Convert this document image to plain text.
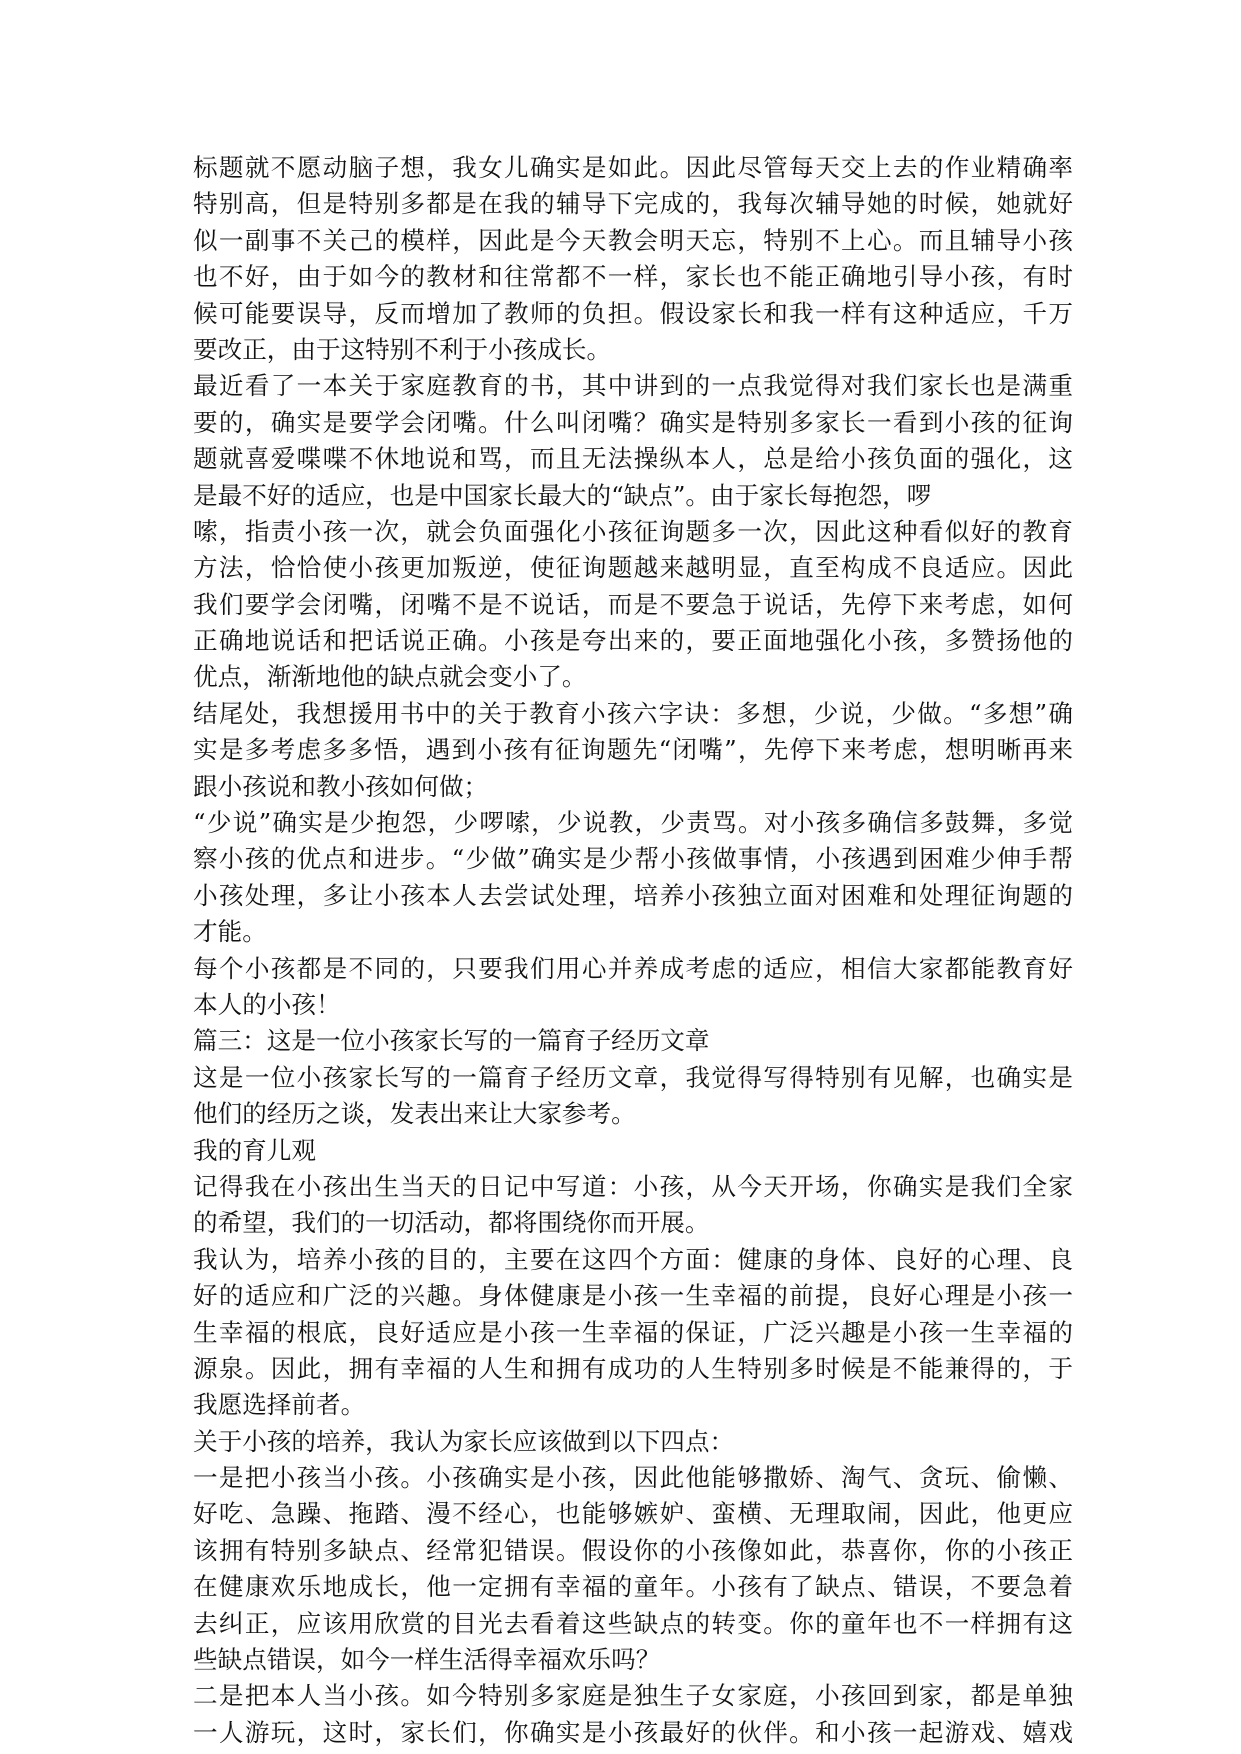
标题就不愿动脑子想，我女儿确实是如此。因此尽管每天交上去的作业精确率
特别高，但是特别多都是在我的辅导下完成的，我每次辅导她的时候，她就好
似一副事不关己的模样，因此是今天教会明天忘，特别不上心。而且辅导小孩
也不好，由于如今的教材和往常都不一样，家长也不能正确地引导小孩，有时
候可能要误导，反而增加了教师的负担。假设家长和我一样有这种适应，千万
要改正，由于这特别不利于小孩成长。
最近看了一本关于家庭教育的书，其中讲到的一点我觉得对我们家长也是满重
要的，确实是要学会闭嘴。什么叫闭嘴？确实是特别多家长一看到小孩的征询
题就喜爱喋喋不休地说和骂，而且无法操纵本人，总是给小孩负面的强化，这
是最不好的适应，也是中国家长最大的“缺点”。由于家长每抱怨，啰
嗦，指责小孩一次，就会负面强化小孩征询题多一次，因此这种看似好的教育
方法，恰恰使小孩更加叛逆，使征询题越来越明显，直至构成不良适应。因此
我们要学会闭嘴，闭嘴不是不说话，而是不要急于说话，先停下来考虑，如何
正确地说话和把话说正确。小孩是夸出来的，要正面地强化小孩，多赞扬他的
优点，渐渐地他的缺点就会变小了。
结尾处，我想援用书中的关于教育小孩六字诀：多想，少说，少做。“多想”确
实是多考虑多多悟，遇到小孩有征询题先“闭嘴”，先停下来考虑，想明晰再来
跟小孩说和教小孩如何做；
“少说”确实是少抱怨，少啰嗦，少说教，少责骂。对小孩多确信多鼓舞，多觉
察小孩的优点和进步。“少做”确实是少帮小孩做事情，小孩遇到困难少伸手帮
小孩处理，多让小孩本人去尝试处理，培养小孩独立面对困难和处理征询题的
才能。
每个小孩都是不同的，只要我们用心并养成考虑的适应，相信大家都能教育好
本人的小孩！
篇三：这是一位小孩家长写的一篇育子经历文章
这是一位小孩家长写的一篇育子经历文章，我觉得写得特别有见解，也确实是
他们的经历之谈，发表出来让大家参考。
我的育儿观
记得我在小孩出生当天的日记中写道：小孩，从今天开场，你确实是我们全家
的希望，我们的一切活动，都将围绕你而开展。
我认为，培养小孩的目的，主要在这四个方面：健康的身体、良好的心理、良
好的适应和广泛的兴趣。身体健康是小孩一生幸福的前提，良好心理是小孩一
生幸福的根底，良好适应是小孩一生幸福的保证，广泛兴趣是小孩一生幸福的
源泉。因此，拥有幸福的人生和拥有成功的人生特别多时候是不能兼得的，于
我愿选择前者。
关于小孩的培养，我认为家长应该做到以下四点：
一是把小孩当小孩。小孩确实是小孩，因此他能够撒娇、淘气、贪玩、偷懒、
好吃、急躁、拖踏、漫不经心，也能够嫉妒、蛮横、无理取闹，因此，他更应
该拥有特别多缺点、经常犯错误。假设你的小孩像如此，恭喜你，你的小孩正
在健康欢乐地成长，他一定拥有幸福的童年。小孩有了缺点、错误，不要急着
去纠正，应该用欣赏的目光去看着这些缺点的转变。你的童年也不一样拥有这
些缺点错误，如今一样生活得幸福欢乐吗？
二是把本人当小孩。如今特别多家庭是独生子女家庭，小孩回到家，都是单独
一人游玩，这时，家长们，你确实是小孩最好的伙伴。和小孩一起游戏、嬉戏
